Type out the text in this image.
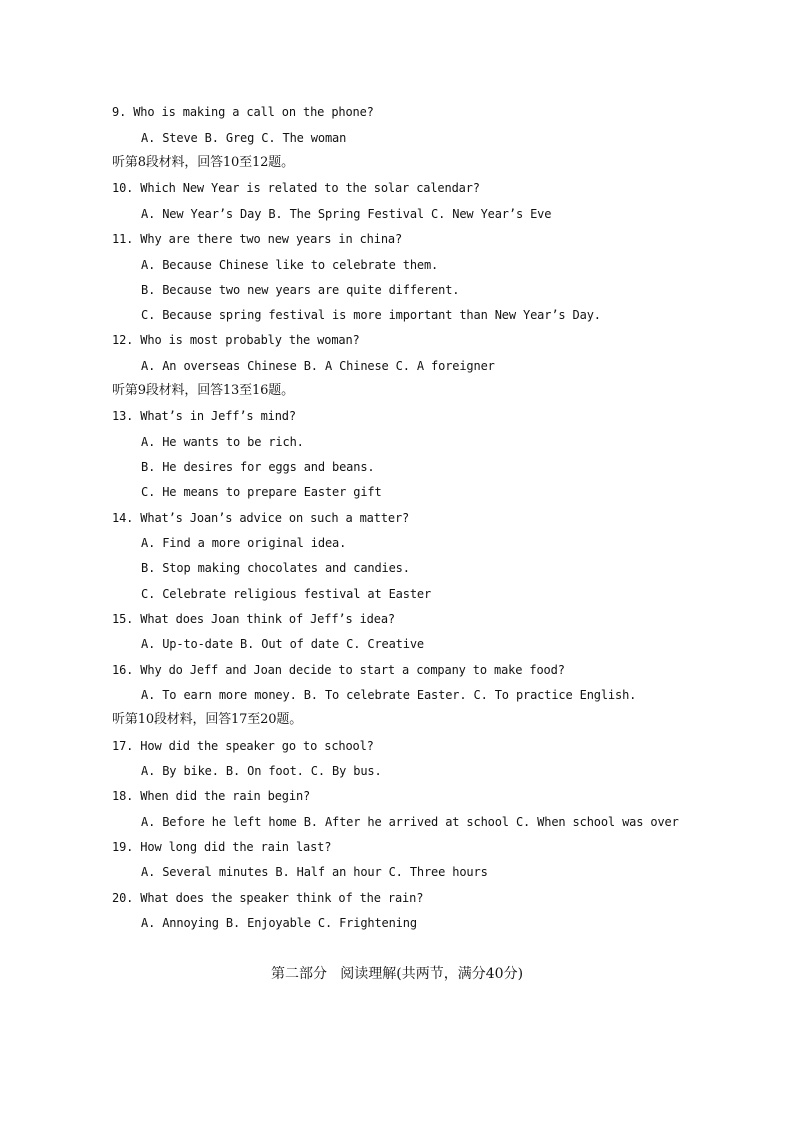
9. Who is making a call on the phone?
A. Steve B. Greg C. The woman
听第8段材料，回答10至12题。
10. Which New Year is related to the solar calendar?
A. New Year’s Day B. The Spring Festival C. New Year’s Eve
11. Why are there two new years in china?
A. Because Chinese like to celebrate them.
B. Because two new years are quite different.
C. Because spring festival is more important than New Year’s Day.
12. Who is most probably the woman?
A. An overseas Chinese B. A Chinese C. A foreigner
听第9段材料，回答13至16题。
13. What’s in Jeff’s mind?
A. He wants to be rich.
B. He desires for eggs and beans.
C. He means to prepare Easter gift
14. What’s Joan’s advice on such a matter?
A. Find a more original idea.
B. Stop making chocolates and candies.
C. Celebrate religious festival at Easter
15. What does Joan think of Jeff’s idea?
A. Up-to-date B. Out of date C. Creative
16. Why do Jeff and Joan decide to start a company to make food?
A. To earn more money. B. To celebrate Easter. C. To practice English.
听第10段材料，回答17至20题。
17. How did the speaker go to school?
A. By bike. B. On foot. C. By bus.
18. When did the rain begin?
A. Before he left home B. After he arrived at school C. When school was over
19. How long did the rain last?
A. Several minutes B. Half an hour C. Three hours
20. What does the speaker think of the rain?
A. Annoying B. Enjoyable C. Frightening
第二部分   阅读理解(共两节，满分40分)
